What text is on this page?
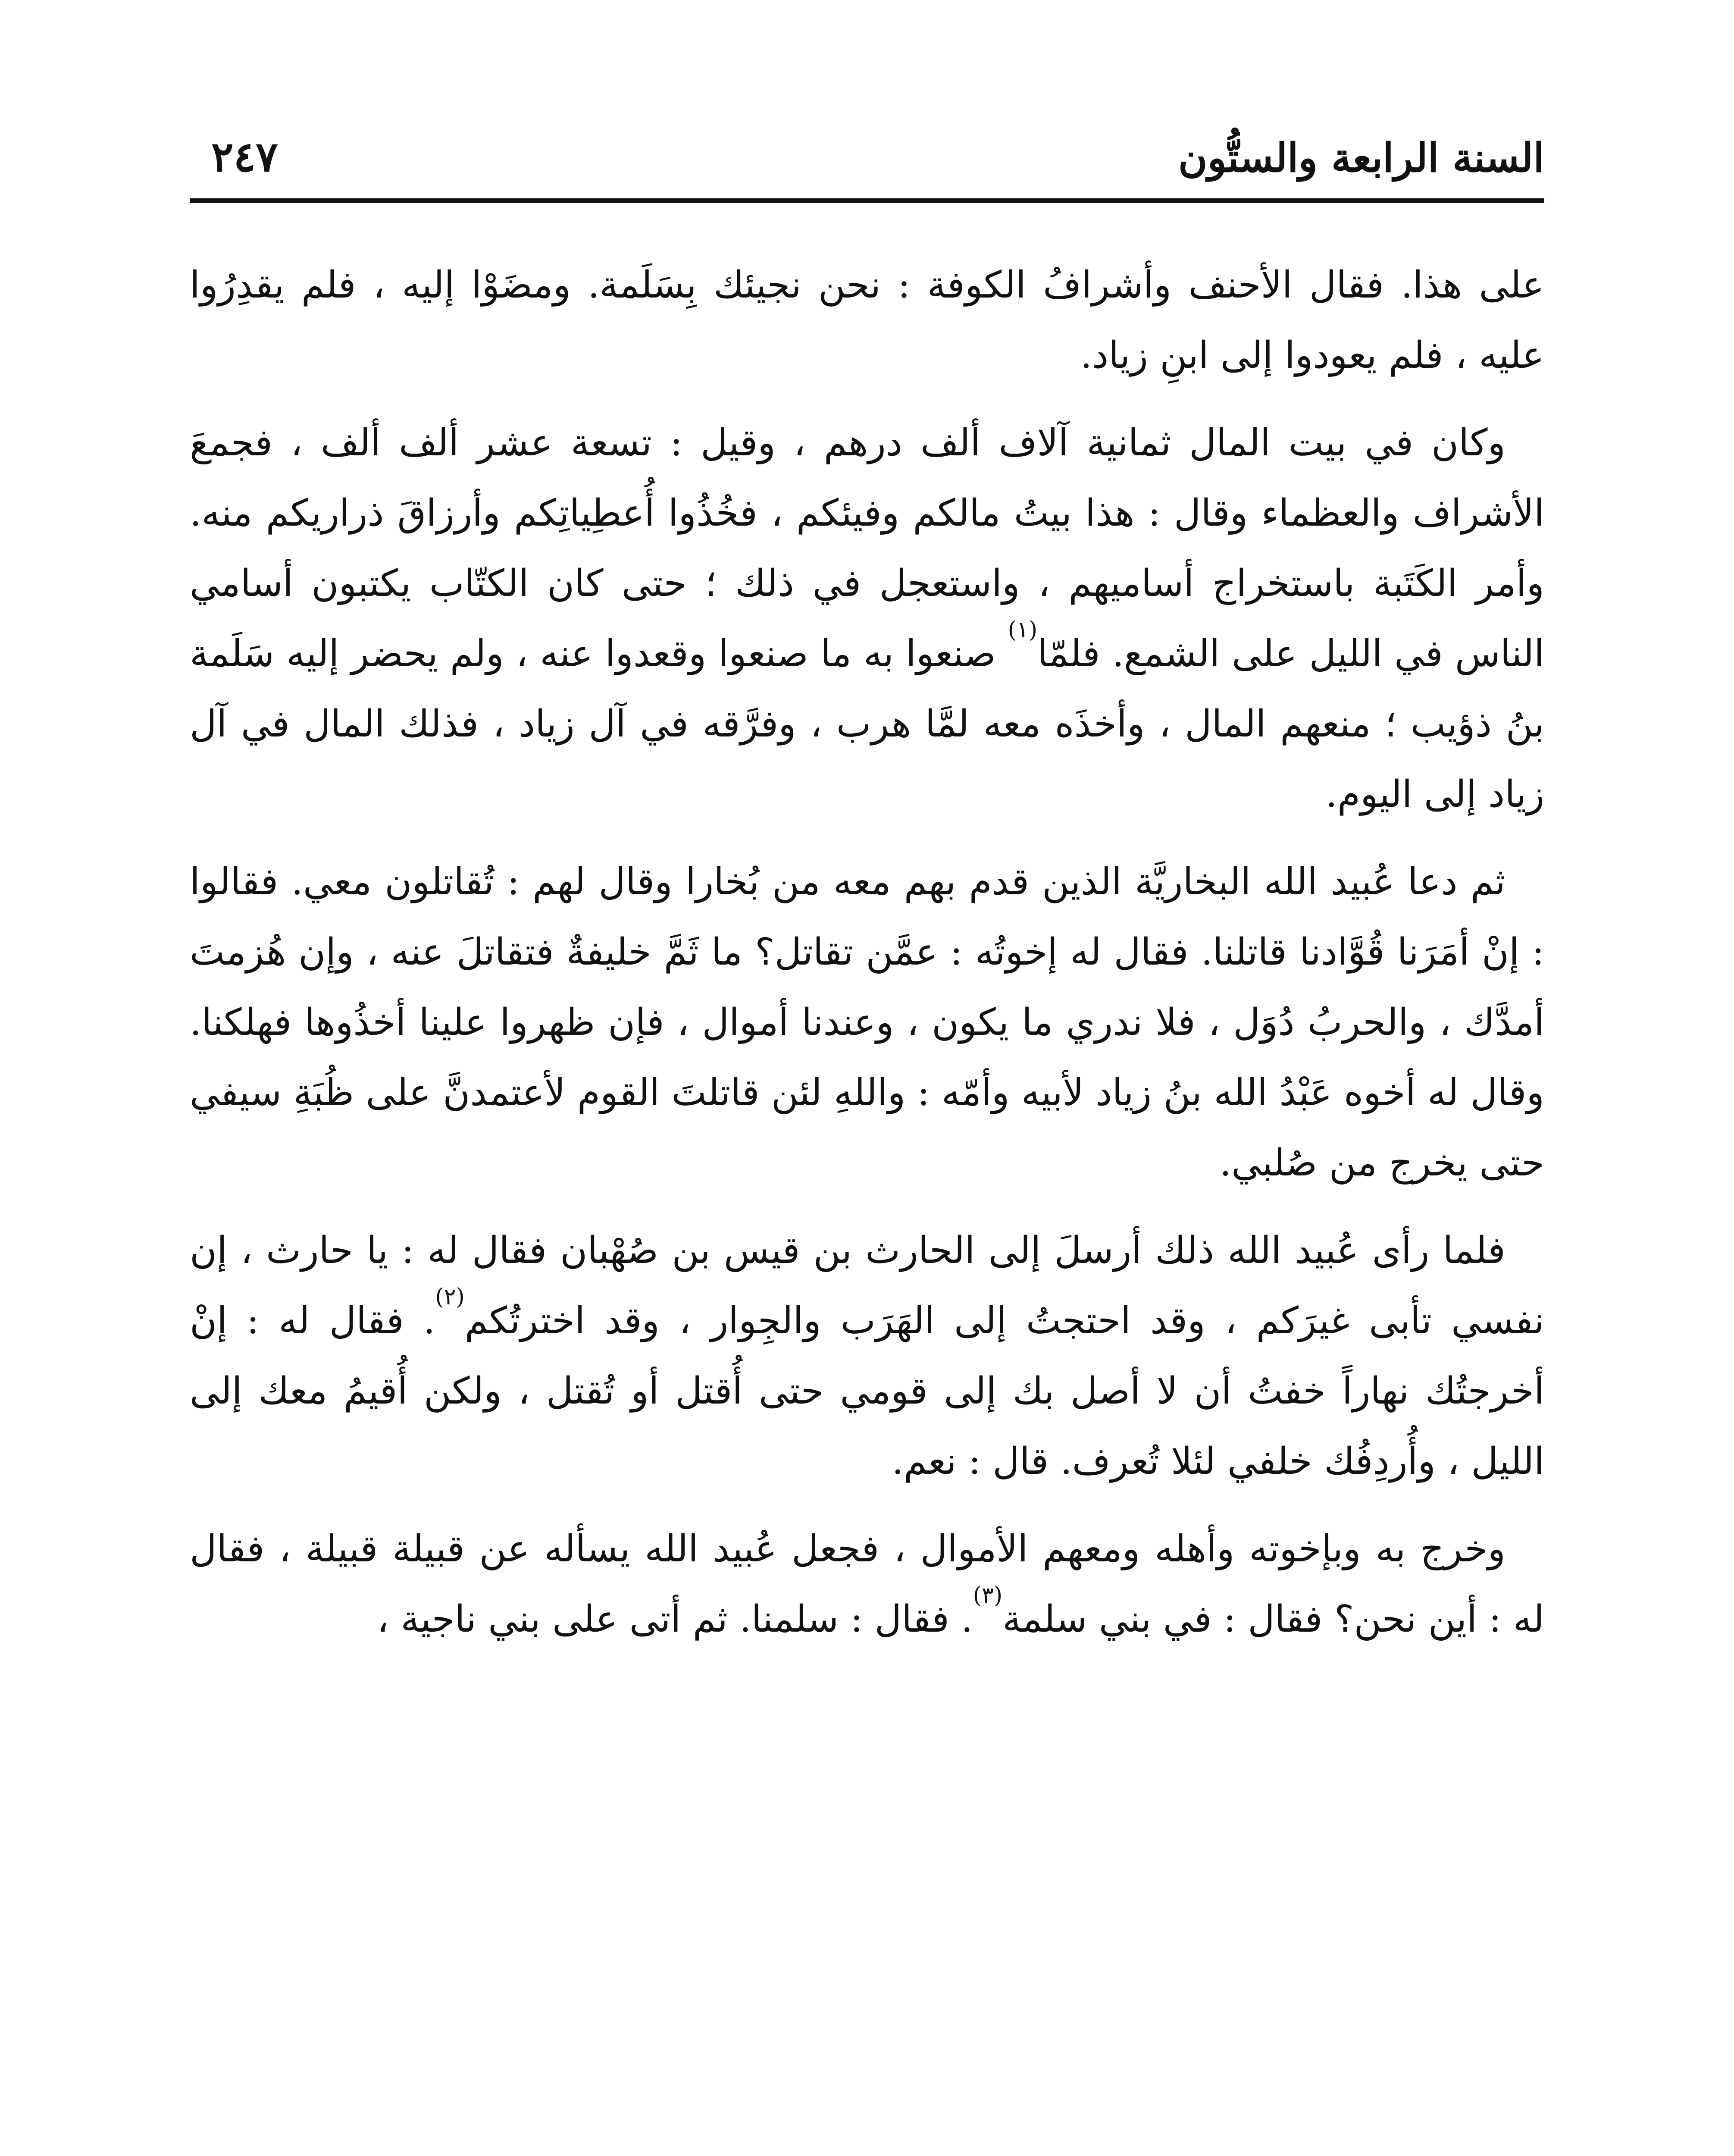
السنة الرابعة والستُّون
٢٤٧

على هذا. فقال الأحنف وأشرافُ الكوفة : نحن نجيئك بِسَلَمة. ومضَوْا إليه ، فلم يقدِرُوا عليه ، فلم يعودوا إلى ابنِ زياد.

وكان في بيت المال ثمانية آلاف ألف درهم ، وقيل : تسعة عشر ألف ألف ، فجمعَ الأشراف والعظماء وقال : هذا بيتُ مالكم وفيئكم ، فخُذُوا أُعطِياتِكم وأرزاقَ ذراريكم منه. وأمر الكَتَبة باستخراج أساميهم ، واستعجل في ذلك ؛ حتى كان الكتّاب يكتبون أسامي الناس في الليل على الشمع. فلمّا$^{(١)}$ صنعوا به ما صنعوا وقعدوا عنه ، ولم يحضر إليه سَلَمة بنُ ذؤيب ؛ منعهم المال ، وأخذَه معه لمَّا هرب ، وفرَّقه في آل زياد ، فذلك المال في آل زياد إلى اليوم.

ثم دعا عُبيد الله البخاريَّة الذين قدم بهم معه من بُخارا وقال لهم : تُقاتلون معي. فقالوا : إنْ أمَرَنا قُوَّادنا قاتلنا. فقال له إخوتُه : عمَّن تقاتل؟ ما ثَمَّ خليفةٌ فتقاتلَ عنه ، وإن هُزمتَ أمدَّك ، والحربُ دُوَل ، فلا ندري ما يكون ، وعندنا أموال ، فإن ظهروا علينا أخذُوها فهلكنا. وقال له أخوه عَبْدُ الله بنُ زياد لأبيه وأمّه : واللهِ لئن قاتلتَ القوم لأعتمدنَّ على ظُبَةِ سيفي حتى يخرج من صُلبي.

فلما رأى عُبيد الله ذلك أرسلَ إلى الحارث بن قيس بن صُهْبان فقال له : يا حارث ، إن نفسي تأبى غيرَكم ، وقد احتجتُ إلى الهَرَب والجِوار ، وقد اخترتُكم$^{(٢)}$. فقال له : إنْ أخرجتُك نهاراً خفتُ أن لا أصل بك إلى قومي حتى أُقتل أو تُقتل ، ولكن أُقيمُ معك إلى الليل ، وأُردِفُك خلفي لئلا تُعرف. قال : نعم.

وخرج به وبإخوته وأهله ومعهم الأموال ، فجعل عُبيد الله يسأله عن قبيلة قبيلة ، فقال له : أين نحن؟ فقال : في بني سلمة$^{(٣)}$. فقال : سلمنا. ثم أتى على بني ناجية ،
